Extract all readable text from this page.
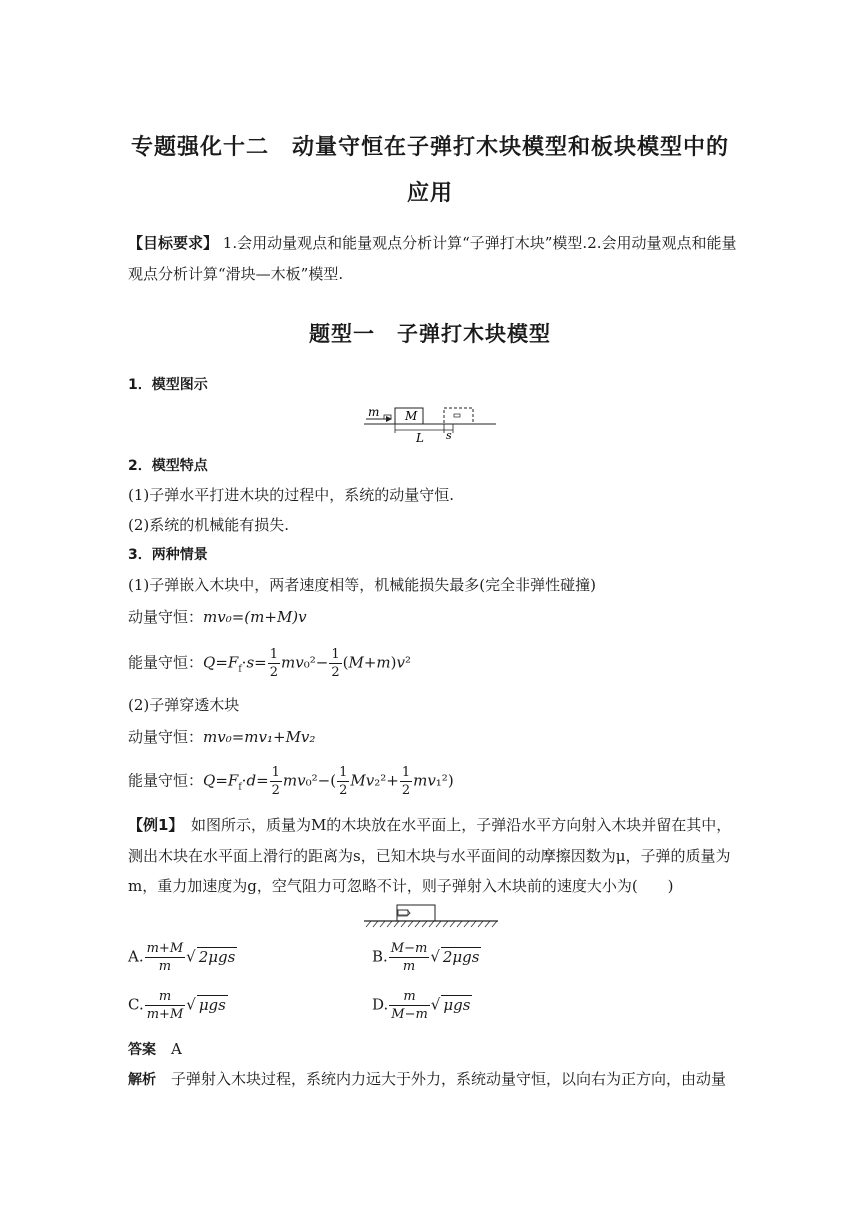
专题强化十二　动量守恒在子弹打木块模型和板块模型中的
应用
【目标要求】 1.会用动量观点和能量观点分析计算“子弹打木块”模型.2.会用动量观点和能量观点分析计算“滑块—木板”模型.
题型一　子弹打木块模型
1．模型图示
m M
L s
2．模型特点
(1)子弹水平打进木块的过程中，系统的动量守恒.
(2)系统的机械能有损失.
3．两种情景
(1)子弹嵌入木块中，两者速度相等，机械能损失最多(完全非弹性碰撞)
动量守恒：mv₀=(m+M)v
能量守恒：$Q=F_f\cdot s= \frac{1}{2} mv_0^2- \frac{1}{2} (M+m)v^2$
(2)子弹穿透木块
动量守恒：mv₀=mv₁+Mv₂
能量守恒：$Q=F_f\cdot d= \frac{1}{2} mv_0^2-( \frac{1}{2} Mv_2^2+ \frac{1}{2} mv_1^2)$
【例1】　如图所示，质量为M的木块放在水平面上，子弹沿水平方向射入木块并留在其中，
测出木块在水平面上滑行的距离为s，已知木块与水平面间的动摩擦因数为μ，子弹的质量为
m，重力加速度为g，空气阻力可忽略不计，则子弹射入木块前的速度大小为(　　)
A. $\frac{m+M}{m}$ √ 2μgs	B. $\frac{M-m}{m}$ √ 2μgs
C. $\frac{m}{m+M}$ √ μgs	D. $\frac{m}{M-m}$ √ μgs
答案　 A
解析　 子弹射入木块过程，系统内力远大于外力，系统动量守恒，以向右为正方向，由动量
